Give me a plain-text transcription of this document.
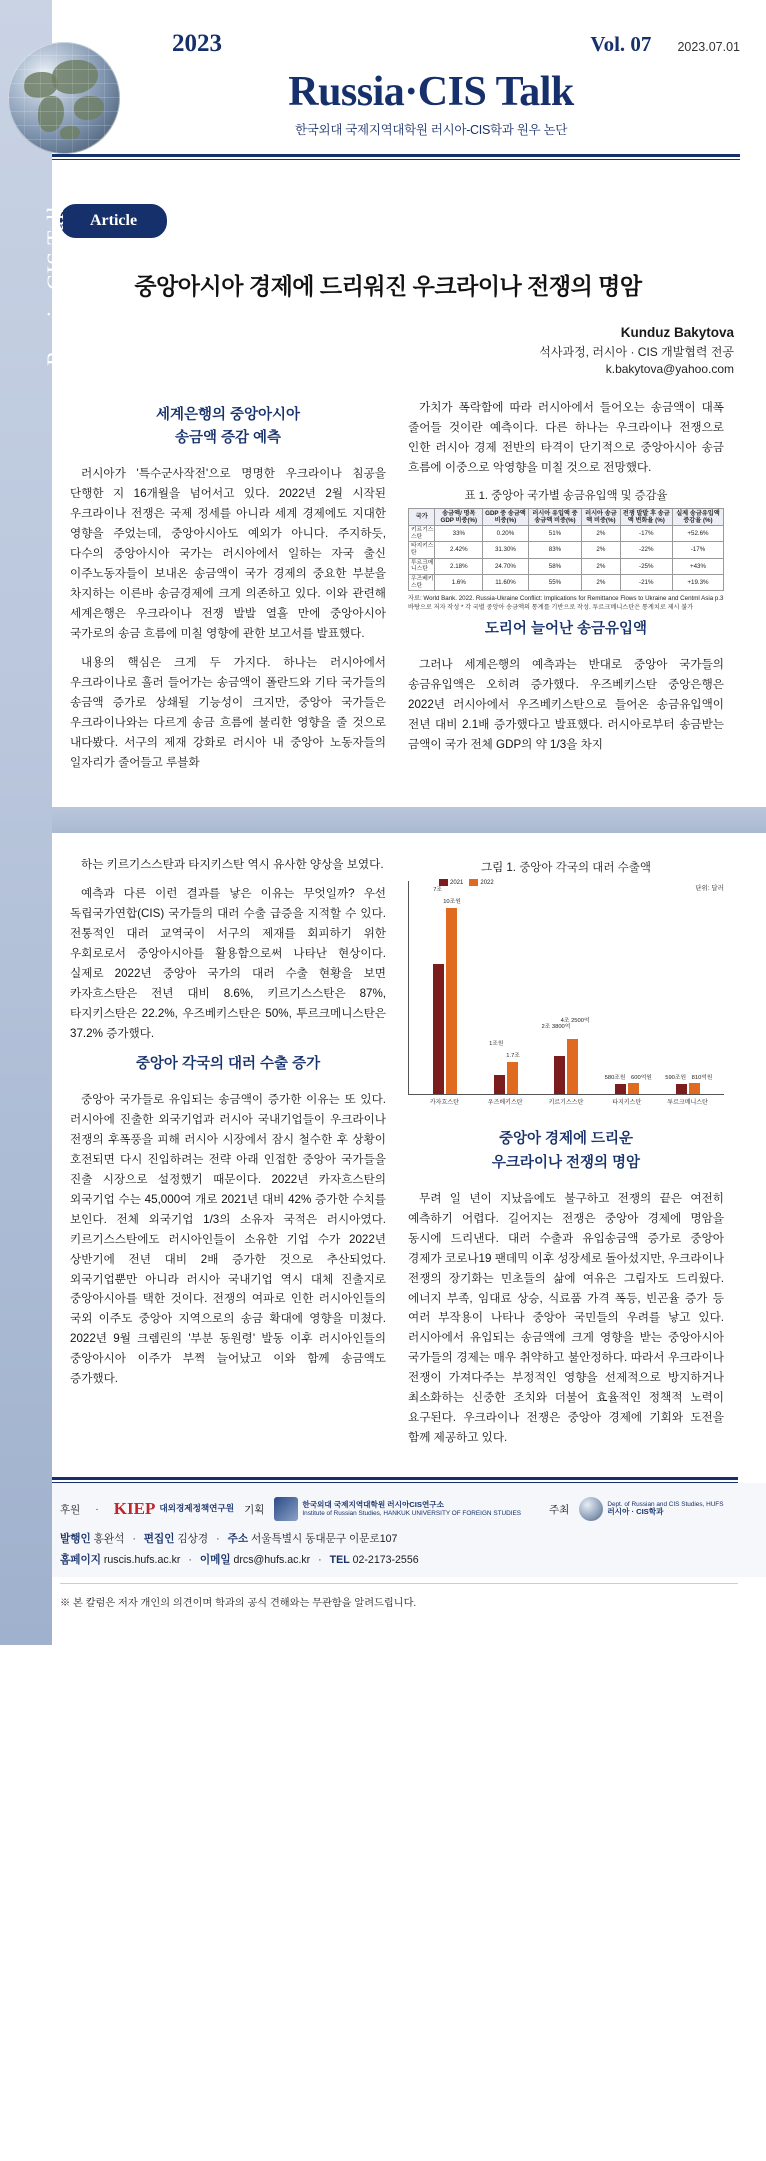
Russia·CIS Talk
2023	Vol. 07 2023.07.01
Russia·CIS Talk
한국외대 국제지역대학원 러시아-CIS학과 원우 논단
Article
중앙아시아 경제에 드리워진 우크라이나 전쟁의 명암
Kunduz Bakytova
석사과정, 러시아 · CIS 개발협력 전공
k.bakytova@yahoo.com
세계은행의 중앙아시아
송금액 증감 예측

러시아가 '특수군사작전'으로 명명한 우크라이나 침공을 단행한 지 16개월을 넘어서고 있다. 2022년 2월 시작된 우크라이나 전쟁은 국제 정세를 아니라 세계 경제에도 지대한 영향을 주었는데, 중앙아시아도 예외가 아니다. 주지하듯, 다수의 중앙아시아 국가는 러시아에서 일하는 자국 출신 이주노동자들이 보내온 송금액이 국가 경제의 중요한 부분을 차지하는 이른바 송금경제에 크게 의존하고 있다. 이와 관련해 세계은행은 우크라이나 전쟁 발발 열흘 만에 중앙아시아 국가로의 송금 흐름에 미칠 영향에 관한 보고서를 발표했다.

내용의 핵심은 크게 두 가지다. 하나는 러시아에서 우크라이나로 흘러 들어가는 송금액이 폴란드와 기타 국가들의 송금액 증가로 상쇄될 기능성이 크지만, 중앙아 국가들은 우크라이나와는 다르게 송금 흐름에 불리한 영향을 줄 것으로 내다봤다. 서구의 제재 강화로 러시아 내 중앙아 노동자들의 일자리가 줄어들고 루블화

가치가 폭락함에 따라 러시아에서 들어오는 송금액이 대폭 줄어들 것이란 예측이다. 다른 하나는 우크라이나 전쟁으로 인한 러시아 경제 전반의 타격이 단기적으로 중앙아시아 송금 흐름에 이중으로 악영향을 미칠 것으로 전망했다.

표 1. 중앙아 국가별 송금유입액 및 증감율
국가	송금액/ 명목 GDP 비중(%)	GDP 중 송금액 비중(%)	러시아 유입액 중 송금액 비중(%)	러시아 송금액 비중(%)	전쟁 발발 후 송금액 변화율 (%)	실제 송금유입액 증감율 (%)
키르기스스탄	33%	0.20%	51%	2%	-17%	+52.6%
타지키스탄	2.42%	31.30%	83%	2%	-22%	-17%
투르크메니스탄	2.18%	24.70%	58%	2%	-25%	+43%
우즈베키스탄	1.6%	11.60%	55%	2%	-21%	+19.3%
자료: World Bank. 2022. Russia-Ukraine Conflict: Implications for Remittance Flows to Ukraine and Centml Asia p.3 바탕으로 저자 작성 * 각 국별 중앙아 송금액의 통계를 기반으로 작성. 투르크메니스탄은 통계치로 제시 불가
도리어 늘어난 송금유입액

그러나 세계은행의 예측과는 반대로 중앙아 국가들의 송금유입액은 오히려 증가했다. 우즈베키스탄 중앙은행은 2022년 러시아에서 우즈베키스탄으로 들어온 송금유입액이 전년 대비 2.1배 증가했다고 발표했다. 러시아로부터 송금받는 금액이 국가 전체 GDP의 약 1/3을 차지

하는 키르기스스탄과 타지키스탄 역시 유사한 양상을 보였다.

예측과 다른 이런 결과를 낳은 이유는 무엇일까? 우선 독립국가연합(CIS) 국가들의 대러 수출 급증을 지적할 수 있다. 전통적인 대러 교역국이 서구의 제재를 회피하기 위한 우회로로서 중앙아시아를 활용함으로써 나타난 현상이다. 실제로 2022년 중앙아 국가의 대러 수출 현황을 보면 카자흐스탄은 전년 대비 8.6%, 키르기스스탄은 87%, 타지키스탄은 22.2%, 우즈베키스탄은 50%, 투르크메니스탄은 37.2% 증가했다.

중앙아 각국의 대러 수출 증가

중앙아 국가들로 유입되는 송금액이 증가한 이유는 또 있다. 러시아에 진출한 외국기업과 러시아 국내기업들이 우크라이나 전쟁의 후폭풍을 피해 러시아 시장에서 잠시 철수한 후 상황이 호전되면 다시 진입하려는 전략 아래 인접한 중앙아 국가들을 진출 시장으로 설정했기 때문이다. 2022년 카자흐스탄의 외국기업 수는 45,000여 개로 2021년 대비 42% 증가한 수치를 보인다. 전체 외국기업 1/3의 소유자 국적은 러시아였다. 키르기스스탄에도 러시아인들이 소유한 기업 수가 2022년 상반기에 전년 대비 2배 증가한 것으로 추산되었다. 외국기업뿐만 아니라 러시아 국내기업 역시 대체 진출지로 중앙아시아를 택한 것이다. 전쟁의 여파로 인한 러시아인들의 국외 이주도 중앙아 지역으로의 송금 확대에 영향을 미쳤다. 2022년 9월 크렘린의 '부분 동원령' 발동 이후 러시아인들의 중앙아시아 이주가 부쩍 늘어났고 이와 함께 송금액도 증가했다.

그림 1. 중앙아 각국의 대러 수출액
2021	2022
단위: 달러
7조
10조원
1조원
1.7조
2조 3800억
4조 2500억
580조원 600억원 590조원 810억원
카자흐스탄	우즈베키스탄	키르기스스탄	타지키스탄	투르크메니스탄
중앙아 경제에 드리운
우크라이나 전쟁의 명암

무려 일 년이 지났음에도 불구하고 전쟁의 끝은 여전히 예측하기 어렵다. 길어지는 전쟁은 중앙아 경제에 명암을 동시에 드리낸다. 대러 수출과 유입송금액 증가로 중앙아 경제가 코로나19 팬데믹 이후 성장세로 돌아섰지만, 우크라이나 전쟁의 장기화는 민초들의 삶에 여유은 그림자도 드리웠다. 에너지 부족, 임대료 상승, 식료품 가격 폭등, 빈곤율 증가 등 여러 부작용이 나타나 중앙아 국민들의 우려를 낳고 있다. 러시아에서 유입되는 송금액에 크게 영향을 받는 중앙아시아 국가들의 경제는 매우 취약하고 불안정하다. 따라서 우크라이나 전쟁이 가져다주는 부정적인 영향을 선제적으로 방지하거나 최소화하는 신중한 조치와 더불어 효율적인 정책적 노력이 요구된다. 우크라이나 전쟁은 중앙아 경제에 기회와 도전을 함께 제공하고 있다.

후원 · KIEP 대외경제정책연구원 기획	한국외대 국제지역대학원 러시아CIS연구소
Institute of Russian Studies, HANKUK UNIVERSITY OF FOREIGN STUDIES	주최	Dept. of Russian and CIS Studies, HUFS
러시아 · CIS학과
발행인 홍완석 · 편집인 김상경 · 주소 서울특별시 동대문구 이문로107
홈페이지 ruscis.hufs.ac.kr · 이메일 drcs@hufs.ac.kr · TEL 02-2173-2556
※ 본 칼럼은 저자 개인의 의견이며 학과의 공식 견해와는 무관함을 알려드립니다.
